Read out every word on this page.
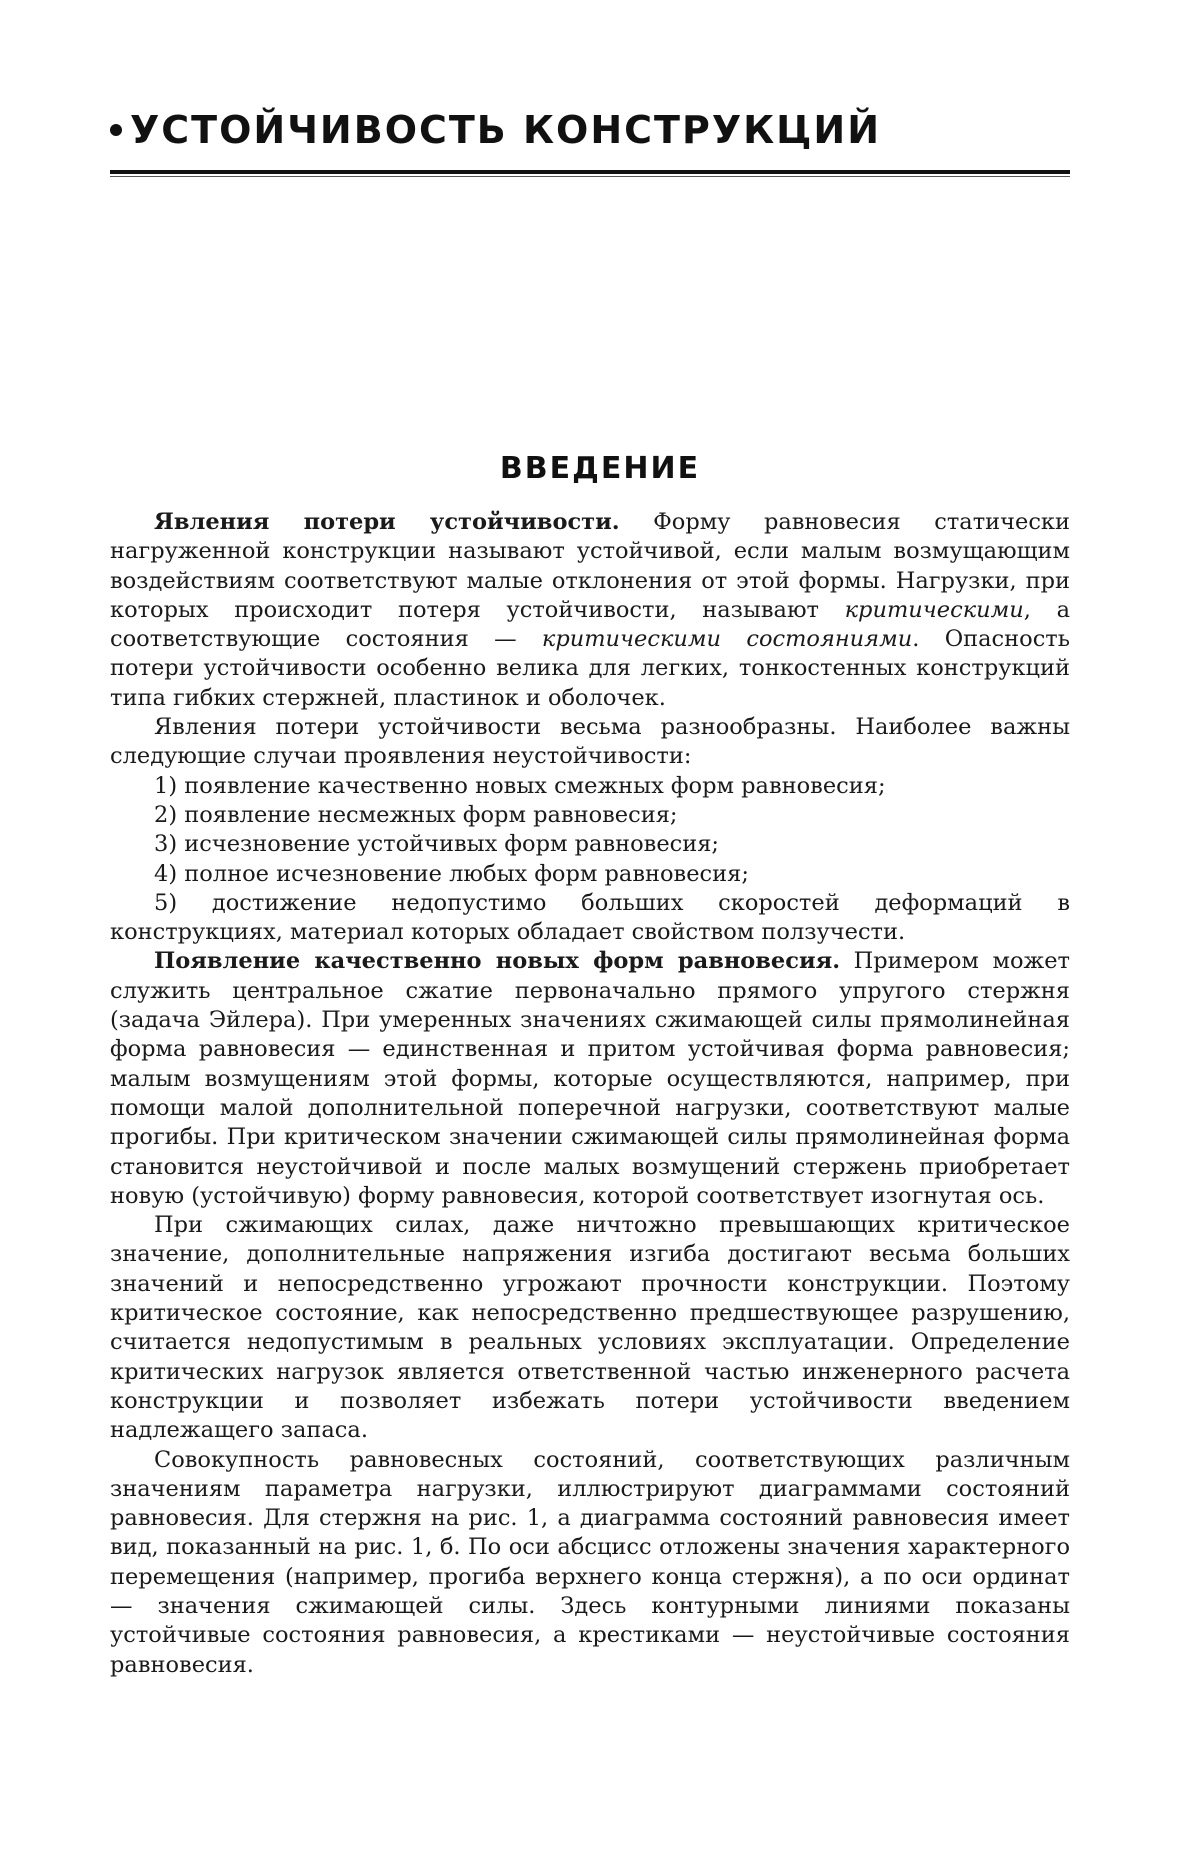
УСТОЙЧИВОСТЬ КОНСТРУКЦИЙ
ВВЕДЕНИЕ

Явления потери устойчивости. Форму равновесия статически нагруженной конструкции называют устойчивой, если малым возмущающим воздействиям соответствуют малые отклонения от этой формы. Нагрузки, при которых происходит потеря устойчивости, называют критическими, а соответствующие состояния — критическими состояниями. Опасность потери устойчивости особенно велика для легких, тонкостенных конструкций типа гибких стержней, пластинок и оболочек.

Явления потери устойчивости весьма разнообразны. Наиболее важны следующие случаи проявления неустойчивости:

1) появление качественно новых смежных форм равновесия;

2) появление несмежных форм равновесия;

3) исчезновение устойчивых форм равновесия;

4) полное исчезновение любых форм равновесия;

5) достижение недопустимо больших скоростей деформаций в конструкциях, материал которых обладает свойством ползучести.

Появление качественно новых форм равновесия. Примером может служить центральное сжатие первоначально прямого упругого стержня (задача Эйлера). При умеренных значениях сжимающей силы прямолинейная форма равновесия — единственная и притом устойчивая форма равновесия; малым возмущениям этой формы, которые осуществляются, например, при помощи малой дополнительной поперечной нагрузки, соответствуют малые прогибы. При критическом значении сжимающей силы прямолинейная форма становится неустойчивой и после малых возмущений стержень приобретает новую (устойчивую) форму равновесия, которой соответствует изогнутая ось.

При сжимающих силах, даже ничтожно превышающих критическое значение, дополнительные напряжения изгиба достигают весьма больших значений и непосредственно угрожают прочности конструкции. Поэтому критическое состояние, как непосредственно предшествующее разрушению, считается недопустимым в реальных условиях эксплуатации. Определение критических нагрузок является ответственной частью инженерного расчета конструкции и позволяет избежать потери устойчивости введением надлежащего запаса.

Совокупность равновесных состояний, соответствующих различным значениям параметра нагрузки, иллюстрируют диаграммами состояний равновесия. Для стержня на рис. 1, а диаграмма состояний равновесия имеет вид, показанный на рис. 1, б. По оси абсцисс отложены значения характерного перемещения (например, прогиба верхнего конца стержня), а по оси ординат — значения сжимающей силы. Здесь контурными линиями показаны устойчивые состояния равновесия, а крестиками — неустойчивые состояния равновесия.
